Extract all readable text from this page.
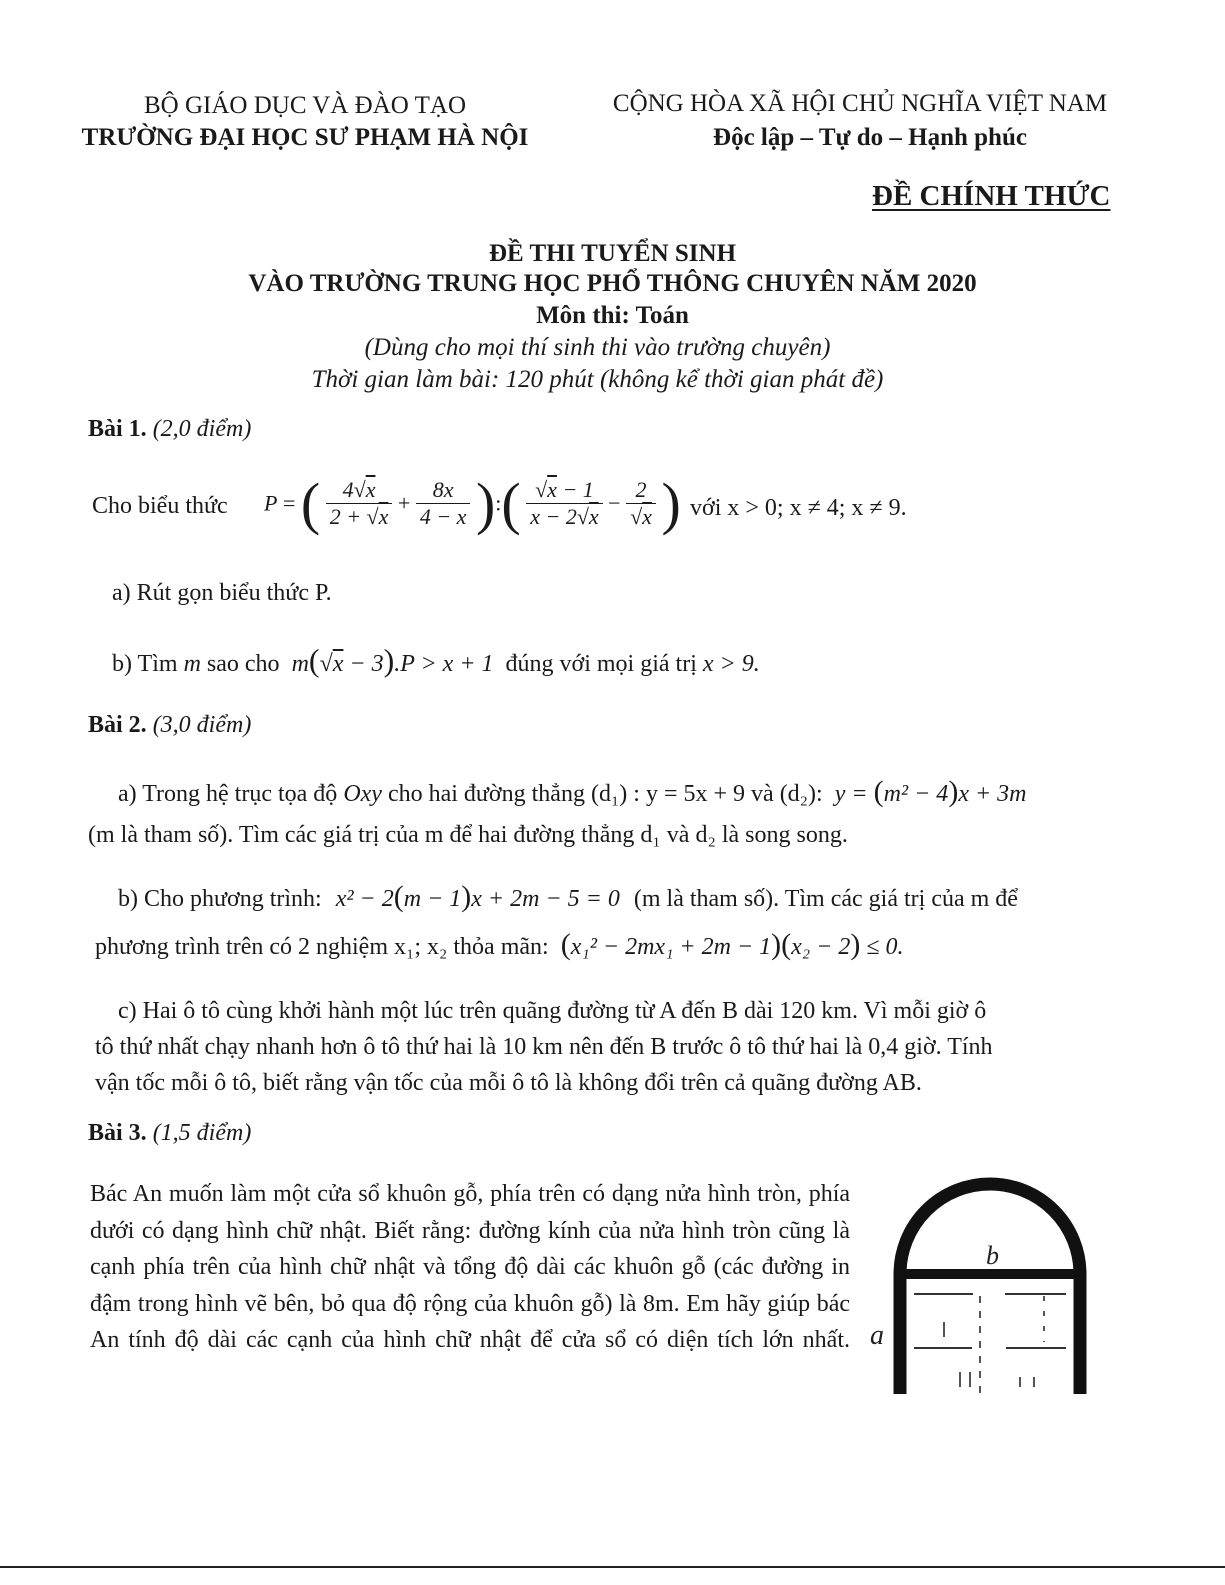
BỘ GIÁO DỤC VÀ ĐÀO TẠO
TRƯỜNG ĐẠI HỌC SƯ PHẠM HÀ NỘI
CỘNG HÒA XÃ HỘI CHỦ NGHĨA VIỆT NAM
Độc lập – Tự do – Hạnh phúc
ĐỀ CHÍNH THỨC
ĐỀ THI TUYỂN SINH
VÀO TRƯỜNG TRUNG HỌC PHỔ THÔNG CHUYÊN NĂM 2020
Môn thi: Toán
(Dùng cho mọi thí sinh thi vào trường chuyên)
Thời gian làm bài: 120 phút (không kể thời gian phát đề)
Bài 1. (2,0 điểm)
Cho biểu thức P = ( $\frac{4√x}{2 + √x} + \frac{8x}{4 - x}$ ):( $\frac{√x - 1}{x - 2√x} - \frac{2}{√x}$ ) với x > 0; x ≠ 4; x ≠ 9.
a) Rút gọn biểu thức P.
b) Tìm m sao cho m(√x − 3).P > x + 1 đúng với mọi giá trị x > 9.
Bài 2. (3,0 điểm)
a) Trong hệ trục tọa độ Oxy cho hai đường thẳng (d₁) : y = 5x + 9 và (d₂): y = (m² − 4)x + 3m
(m là tham số). Tìm các giá trị của m để hai đường thẳng d₁ và d₂ là song song.
b) Cho phương trình: x² − 2(m − 1)x + 2m − 5 = 0 (m là tham số). Tìm các giá trị của m để
phương trình trên có 2 nghiệm x₁; x₂ thỏa mãn: (x₁² − 2mx₁ + 2m − 1)(x₂ − 2) ≤ 0.
c) Hai ô tô cùng khởi hành một lúc trên quãng đường từ A đến B dài 120 km. Vì mỗi giờ ô
tô thứ nhất chạy nhanh hơn ô tô thứ hai là 10 km nên đến B trước ô tô thứ hai là 0,4 giờ. Tính
vận tốc mỗi ô tô, biết rằng vận tốc của mỗi ô tô là không đổi trên cả quãng đường AB.
Bài 3. (1,5 điểm)
Bác An muốn làm một cửa sổ khuôn gỗ, phía trên có dạng nửa hình tròn, phía dưới có dạng hình chữ nhật. Biết rằng: đường kính của nửa hình tròn cũng là cạnh phía trên của hình chữ nhật và tổng độ dài các khuôn gỗ (các đường in đậm trong hình vẽ bên, bỏ qua độ rộng của khuôn gỗ) là 8m. Em hãy giúp bác An tính độ dài các cạnh của hình chữ nhật để cửa sổ có diện tích lớn nhất.
b
a
